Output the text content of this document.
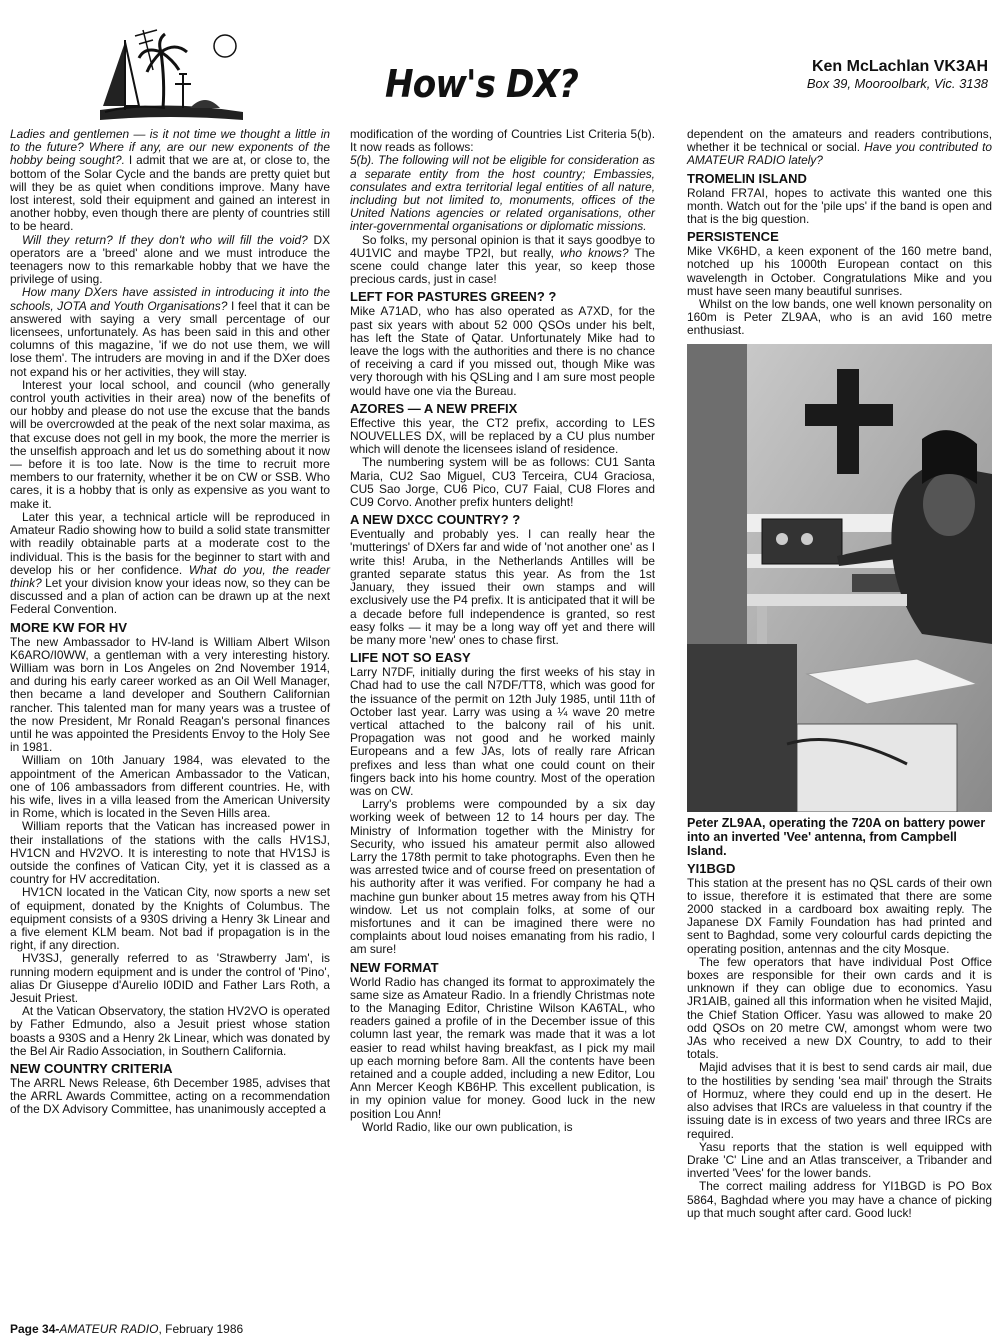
How's DX?	Ken McLachlan VK3AH
Box 39, Mooroolbark, Vic. 3138

Ladies and gentlemen — is it not time we thought a little in to the future? Where if any, are our new exponents of the hobby being sought?. I admit that we are at, or close to, the bottom of the Solar Cycle and the bands are pretty quiet but will they be as quiet when conditions improve. Many have lost interest, sold their equipment and gained an interest in another hobby, even though there are plenty of countries still to be heard.

Will they return? If they don't who will fill the void? DX operators are a 'breed' alone and we must introduce the teenagers now to this remarkable hobby that we have the privilege of using.

How many DXers have assisted in introducing it into the schools, JOTA and Youth Organisations? I feel that it can be answered with saying a very small percentage of our licensees, unfortunately. As has been said in this and other columns of this magazine, 'if we do not use them, we will lose them'. The intruders are moving in and if the DXer does not expand his or her activities, they will stay.

Interest your local school, and council (who generally control youth activities in their area) now of the benefits of our hobby and please do not use the excuse that the bands will be overcrowded at the peak of the next solar maxima, as that excuse does not gell in my book, the more the merrier is the unselfish approach and let us do something about it now — before it is too late. Now is the time to recruit more members to our fraternity, whether it be on CW or SSB. Who cares, it is a hobby that is only as expensive as you want to make it.

Later this year, a technical article will be reproduced in Amateur Radio showing how to build a solid state transmitter with readily obtainable parts at a moderate cost to the individual. This is the basis for the beginner to start with and develop his or her confidence. What do you, the reader think? Let your division know your ideas now, so they can be discussed and a plan of action can be drawn up at the next Federal Convention.

MORE KW FOR HV

The new Ambassador to HV-land is William Albert Wilson K6ARO/I0WW, a gentleman with a very interesting history. William was born in Los Angeles on 2nd November 1914, and during his early career worked as an Oil Well Manager, then became a land developer and Southern Californian rancher. This talented man for many years was a trustee of the now President, Mr Ronald Reagan's personal finances until he was appointed the Presidents Envoy to the Holy See in 1981.

William on 10th January 1984, was elevated to the appointment of the American Ambassador to the Vatican, one of 106 ambassadors from different countries. He, with his wife, lives in a villa leased from the American University in Rome, which is located in the Seven Hills area.

William reports that the Vatican has increased power in their installations of the stations with the calls HV1SJ, HV1CN and HV2VO. It is interesting to note that HV1SJ is outside the confines of Vatican City, yet it is classed as a country for HV accreditation.

HV1CN located in the Vatican City, now sports a new set of equipment, donated by the Knights of Columbus. The equipment consists of a 930S driving a Henry 3k Linear and a five element KLM beam. Not bad if propagation is in the right, if any direction.

HV3SJ, generally referred to as 'Strawberry Jam', is running modern equipment and is under the control of 'Pino', alias Dr Giuseppe d'Aurelio I0DID and Father Lars Roth, a Jesuit Priest.

At the Vatican Observatory, the station HV2VO is operated by Father Edmundo, also a Jesuit priest whose station boasts a 930S and a Henry 2k Linear, which was donated by the Bel Air Radio Association, in Southern California.

NEW COUNTRY CRITERIA

The ARRL News Release, 6th December 1985, advises that the ARRL Awards Committee, acting on a recommendation of the DX Advisory Committee, has unanimously accepted a

modification of the wording of Countries List Criteria 5(b). It now reads as follows:

5(b). The following will not be eligible for consideration as a separate entity from the host country; Embassies, consulates and extra territorial legal entities of all nature, including but not limited to, monuments, offices of the United Nations agencies or related organisations, other inter-governmental organisations or diplomatic missions.

So folks, my personal opinion is that it says goodbye to 4U1VIC and maybe TP2I, but really, who knows? The scene could change later this year, so keep those precious cards, just in case!

LEFT FOR PASTURES GREEN? ?

Mike A71AD, who has also operated as A7XD, for the past six years with about 52 000 QSOs under his belt, has left the State of Qatar. Unfortunately Mike had to leave the logs with the authorities and there is no chance of receiving a card if you missed out, though Mike was very thorough with his QSLing and I am sure most people would have one via the Bureau.

AZORES — A NEW PREFIX

Effective this year, the CT2 prefix, according to LES NOUVELLES DX, will be replaced by a CU plus number which will denote the licensees island of residence.

The numbering system will be as follows: CU1 Santa Maria, CU2 Sao Miguel, CU3 Terceira, CU4 Graciosa, CU5 Sao Jorge, CU6 Pico, CU7 Faial, CU8 Flores and CU9 Corvo. Another prefix hunters delight!

A NEW DXCC COUNTRY? ?

Eventually and probably yes. I can really hear the 'mutterings' of DXers far and wide of 'not another one' as I write this! Aruba, in the Netherlands Antilles will be granted separate status this year. As from the 1st January, they issued their own stamps and will exclusively use the P4 prefix. It is anticipated that it will be a decade before full independence is granted, so rest easy folks — it may be a long way off yet and there will be many more 'new' ones to chase first.

LIFE NOT SO EASY

Larry N7DF, initially during the first weeks of his stay in Chad had to use the call N7DF/TT8, which was good for the issuance of the permit on 12th July 1985, until 11th of October last year. Larry was using a ¼ wave 20 metre vertical attached to the balcony rail of his unit. Propagation was not good and he worked mainly Europeans and a few JAs, lots of really rare African prefixes and less than what one could count on their fingers back into his home country. Most of the operation was on CW.

Larry's problems were compounded by a six day working week of between 12 to 14 hours per day. The Ministry of Information together with the Ministry for Security, who issued his amateur permit also allowed Larry the 178th permit to take photographs. Even then he was arrested twice and of course freed on presentation of his authority after it was verified. For company he had a machine gun bunker about 15 metres away from his QTH window. Let us not complain folks, at some of our misfortunes and it can be imagined there were no complaints about loud noises emanating from his radio, I am sure!

NEW FORMAT

World Radio has changed its format to approximately the same size as Amateur Radio. In a friendly Christmas note to the Managing Editor, Christine Wilson KA6TAL, who readers gained a profile of in the December issue of this column last year, the remark was made that it was a lot easier to read whilst having breakfast, as I pick my mail up each morning before 8am. All the contents have been retained and a couple added, including a new Editor, Lou Ann Mercer Keogh KB6HP. This excellent publication, is in my opinion value for money. Good luck in the new position Lou Ann!

World Radio, like our own publication, is

dependent on the amateurs and readers contributions, whether it be technical or social. Have you contributed to AMATEUR RADIO lately?

TROMELIN ISLAND

Roland FR7AI, hopes to activate this wanted one this month. Watch out for the 'pile ups' if the band is open and that is the big question.

PERSISTENCE

Mike VK6HD, a keen exponent of the 160 metre band, notched up his 1000th European contact on this wavelength in October. Congratulations Mike and you must have seen many beautiful sunrises.

Whilst on the low bands, one well known personality on 160m is Peter ZL9AA, who is an avid 160 metre enthusiast.

Peter ZL9AA, operating the 720A on battery power into an inverted 'Vee' antenna, from Campbell Island.

YI1BGD

This station at the present has no QSL cards of their own to issue, therefore it is estimated that there are some 2000 stacked in a cardboard box awaiting reply. The Japanese DX Family Foundation has had printed and sent to Baghdad, some very colourful cards depicting the operating position, antennas and the city Mosque.

The few operators that have individual Post Office boxes are responsible for their own cards and it is unknown if they can oblige due to economics. Yasu JR1AIB, gained all this information when he visited Majid, the Chief Station Officer. Yasu was allowed to make 20 odd QSOs on 20 metre CW, amongst whom were two JAs who received a new DX Country, to add to their totals.

Majid advises that it is best to send cards air mail, due to the hostilities by sending 'sea mail' through the Straits of Hormuz, where they could end up in the desert. He also advises that IRCs are valueless in that country if the issuing date is in excess of two years and three IRCs are required.

Yasu reports that the station is well equipped with Drake 'C' Line and an Atlas transceiver, a Tribander and inverted 'Vees' for the lower bands.

The correct mailing address for YI1BGD is PO Box 5864, Baghdad where you may have a chance of picking up that much sought after card. Good luck!

Page 34-AMATEUR RADIO, February 1986
